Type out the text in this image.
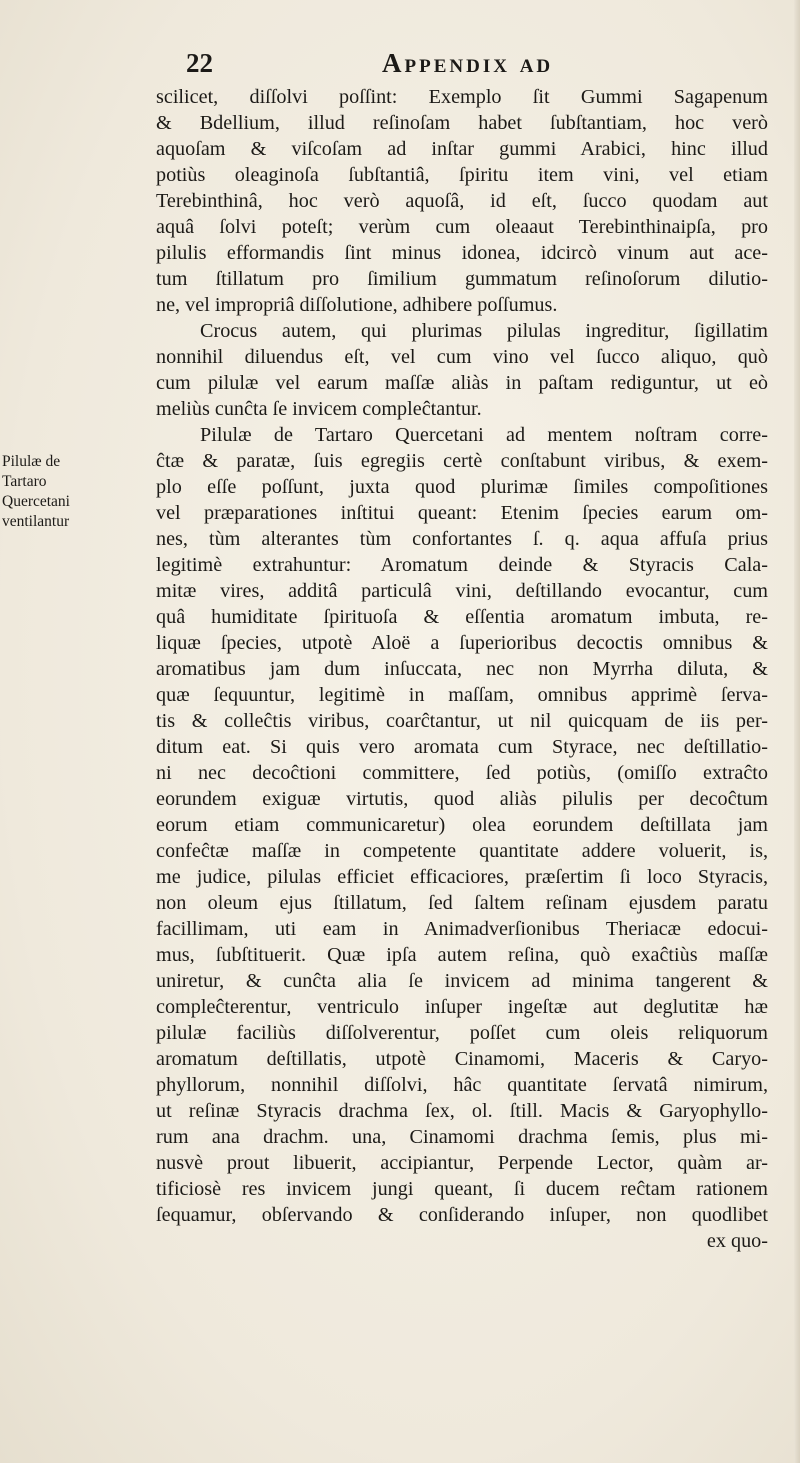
22	Appendix ad
Pilulæ de
Tartaro
Quercetani
ventilantur
scilicet, diſſolvi poſſint: Exemplo ſit Gummi Sagapenum
& Bdellium, illud reſinoſam habet ſubſtantiam, hoc verò
aquoſam & viſcoſam ad inſtar gummi Arabici, hinc illud
potiùs oleaginoſa ſubſtantiâ, ſpiritu item vini, vel etiam
Terebinthinâ, hoc verò aquoſâ, id eſt, ſucco quodam aut
aquâ ſolvi poteſt; verùm cum oleaaut Terebinthinaipſa, pro
pilulis efformandis ſint minus idonea, idcircò vinum aut ace-
tum ſtillatum pro ſimilium gummatum reſinoſorum dilutio-
ne, vel impropriâ diſſolutione, adhibere poſſumus.
Crocus autem, qui plurimas pilulas ingreditur, ſigillatim
nonnihil diluendus eſt, vel cum vino vel ſucco aliquo, quò
cum pilulæ vel earum maſſæ aliàs in paſtam rediguntur, ut eò
meliùs cunĉta ſe invicem compleĉtantur.
Pilulæ de Tartaro Quercetani ad mentem noſtram corre-
ĉtæ & paratæ, ſuis egregiis certè conſtabunt viribus, & exem-
plo eſſe poſſunt, juxta quod plurimæ ſimiles compoſitiones
vel præparationes inſtitui queant: Etenim ſpecies earum om-
nes, tùm alterantes tùm confortantes ſ. q. aqua affuſa prius
legitimè extrahuntur: Aromatum deinde & Styracis Cala-
mitæ vires, additâ particulâ vini, deſtillando evocantur, cum
quâ humiditate ſpirituoſa & eſſentia aromatum imbuta, re-
liquæ ſpecies, utpotè Aloë a ſuperioribus decoctis omnibus &
aromatibus jam dum inſuccata, nec non Myrrha diluta, &
quæ ſequuntur, legitimè in maſſam, omnibus apprimè ſerva-
tis & colleĉtis viribus, coarĉtantur, ut nil quicquam de iis per-
ditum eat. Si quis vero aromata cum Styrace, nec deſtillatio-
ni nec decoĉtioni committere, ſed potiùs, (omiſſo extraĉto
eorundem exiguæ virtutis, quod aliàs pilulis per decoĉtum
eorum etiam communicaretur) olea eorundem deſtillata jam
confeĉtæ maſſæ in competente quantitate addere voluerit, is,
me judice, pilulas efficiet efficaciores, præſertim ſi loco Styracis,
non oleum ejus ſtillatum, ſed ſaltem reſinam ejusdem paratu
facillimam, uti eam in Animadverſionibus Theriacæ edocui-
mus, ſubſtituerit. Quæ ipſa autem reſina, quò exaĉtiùs maſſæ
uniretur, & cunĉta alia ſe invicem ad minima tangerent &
compleĉterentur, ventriculo inſuper ingeſtæ aut deglutitæ hæ
pilulæ faciliùs diſſolverentur, poſſet cum oleis reliquorum
aromatum deſtillatis, utpotè Cinamomi, Maceris & Caryo-
phyllorum, nonnihil diſſolvi, hâc quantitate ſervatâ nimirum,
ut reſinæ Styracis drachma ſex, ol. ſtill. Macis & Garyophyllo-
rum ana drachm. una, Cinamomi drachma ſemis, plus mi-
nusvè prout libuerit, accipiantur, Perpende Lector, quàm ar-
tificiosè res invicem jungi queant, ſi ducem reĉtam rationem
ſequamur, obſervando & conſiderando inſuper, non quodlibet
ex quo-
